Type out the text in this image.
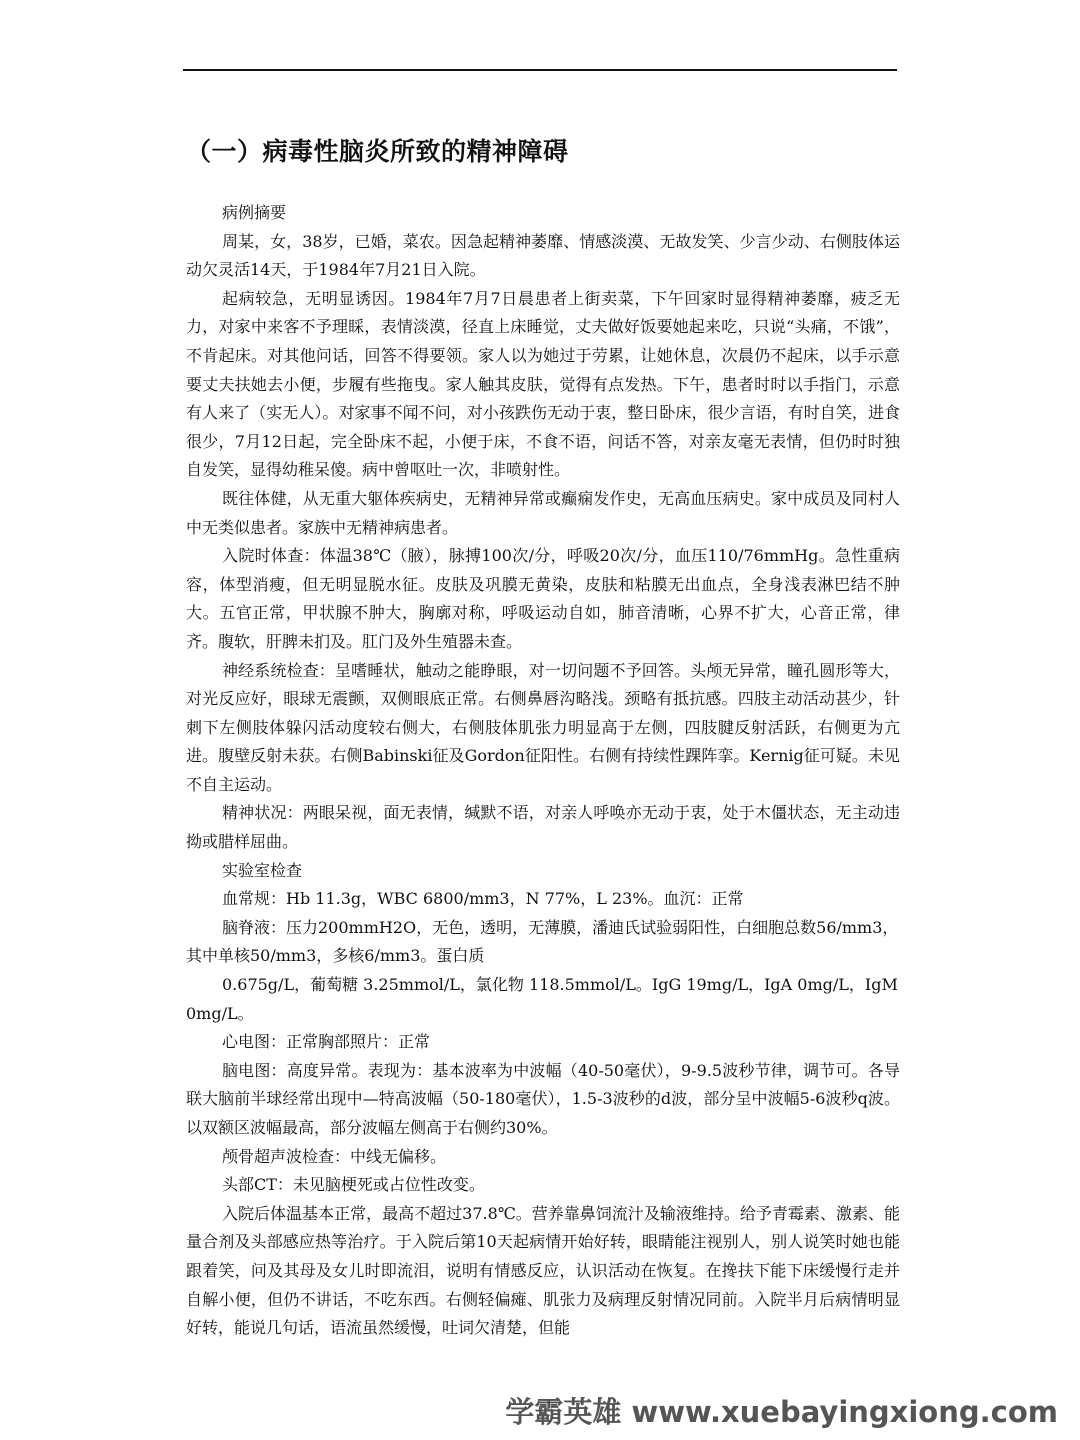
（一）病毒性脑炎所致的精神障碍

病例摘要

周某，女，38岁，已婚，菜农。因急起精神萎靡、情感淡漠、无故发笑、少言少动、右侧肢体运动欠灵活14天，于1984年7月21日入院。

起病较急，无明显诱因。1984年7月7日晨患者上街卖菜，下午回家时显得精神萎靡，疲乏无力，对家中来客不予理睬，表情淡漠，径直上床睡觉，丈夫做好饭要她起来吃，只说“头痛，不饿”，不肯起床。对其他问话，回答不得要领。家人以为她过于劳累，让她休息，次晨仍不起床，以手示意要丈夫扶她去小便，步履有些拖曳。家人触其皮肤，觉得有点发热。下午，患者时时以手指门，示意有人来了（实无人）。对家事不闻不问，对小孩跌伤无动于衷，整日卧床，很少言语，有时自笑，进食很少，7月12日起，完全卧床不起，小便于床，不食不语，问话不答，对亲友毫无表情，但仍时时独自发笑，显得幼稚呆傻。病中曾呕吐一次，非喷射性。

既往体健，从无重大躯体疾病史，无精神异常或癫痫发作史，无高血压病史。家中成员及同村人中无类似患者。家族中无精神病患者。

入院时体查：体温38℃（腋），脉搏100次/分，呼吸20次/分，血压110/76mmHg。急性重病容，体型消瘦，但无明显脱水征。皮肤及巩膜无黄染，皮肤和粘膜无出血点，全身浅表淋巴结不肿大。五官正常，甲状腺不肿大，胸廓对称，呼吸运动自如，肺音清晰，心界不扩大，心音正常，律齐。腹软，肝脾未扪及。肛门及外生殖器未查。

神经系统检查：呈嗜睡状，触动之能睁眼，对一切问题不予回答。头颅无异常，瞳孔圆形等大，对光反应好，眼球无震颤，双侧眼底正常。右侧鼻唇沟略浅。颈略有抵抗感。四肢主动活动甚少，针刺下左侧肢体躲闪活动度较右侧大，右侧肢体肌张力明显高于左侧，四肢腱反射活跃，右侧更为亢进。腹壁反射未获。右侧Babinski征及Gordon征阳性。右侧有持续性踝阵挛。Kernig征可疑。未见不自主运动。

精神状况：两眼呆视，面无表情，缄默不语，对亲人呼唤亦无动于衷，处于木僵状态，无主动违拗或腊样屈曲。

实验室检查

血常规：Hb 11.3g，WBC 6800/mm3，N 77%，L 23%。血沉：正常

脑脊液：压力200mmH2O，无色，透明，无薄膜，潘迪氏试验弱阳性，白细胞总数56/mm3，其中单核50/mm3，多核6/mm3。蛋白质

0.675g/L，葡萄糖 3.25mmol/L，氯化物 118.5mmol/L。IgG 19mg/L，IgA 0mg/L，IgM 0mg/L。

心电图：正常胸部照片：正常

脑电图：高度异常。表现为：基本波率为中波幅（40-50毫伏），9-9.5波秒节律，调节可。各导联大脑前半球经常出现中—特高波幅（50-180毫伏），1.5-3波秒的d波，部分呈中波幅5-6波秒q波。以双额区波幅最高，部分波幅左侧高于右侧约30%。

颅骨超声波检查：中线无偏移。

头部CT：未见脑梗死或占位性改变。

入院后体温基本正常，最高不超过37.8℃。营养靠鼻饲流汁及输液维持。给予青霉素、激素、能量合剂及头部感应热等治疗。于入院后第10天起病情开始好转，眼睛能注视别人，别人说笑时她也能跟着笑，问及其母及女儿时即流泪，说明有情感反应，认识活动在恢复。在搀扶下能下床缓慢行走并自解小便，但仍不讲话，不吃东西。右侧轻偏瘫、肌张力及病理反射情况同前。入院半月后病情明显好转，能说几句话，语流虽然缓慢，吐词欠清楚，但能

学霸英雄 www.xuebayingxiong.com
